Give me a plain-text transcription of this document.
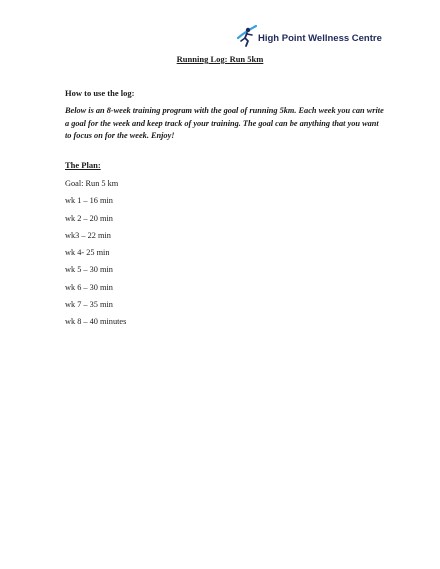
High Point Wellness Centre
Running Log: Run 5km
How to use the log:
Below is an 8-week training program with the goal of running 5km. Each week you can write a goal for the week and keep track of your training. The goal can be anything that you want to focus on for the week. Enjoy!
The Plan:
Goal: Run 5 km
wk 1 – 16 min
wk 2 – 20 min
wk3 – 22 min
wk 4- 25 min
wk 5 – 30 min
wk 6 – 30 min
wk 7 – 35 min
wk 8 – 40 minutes
